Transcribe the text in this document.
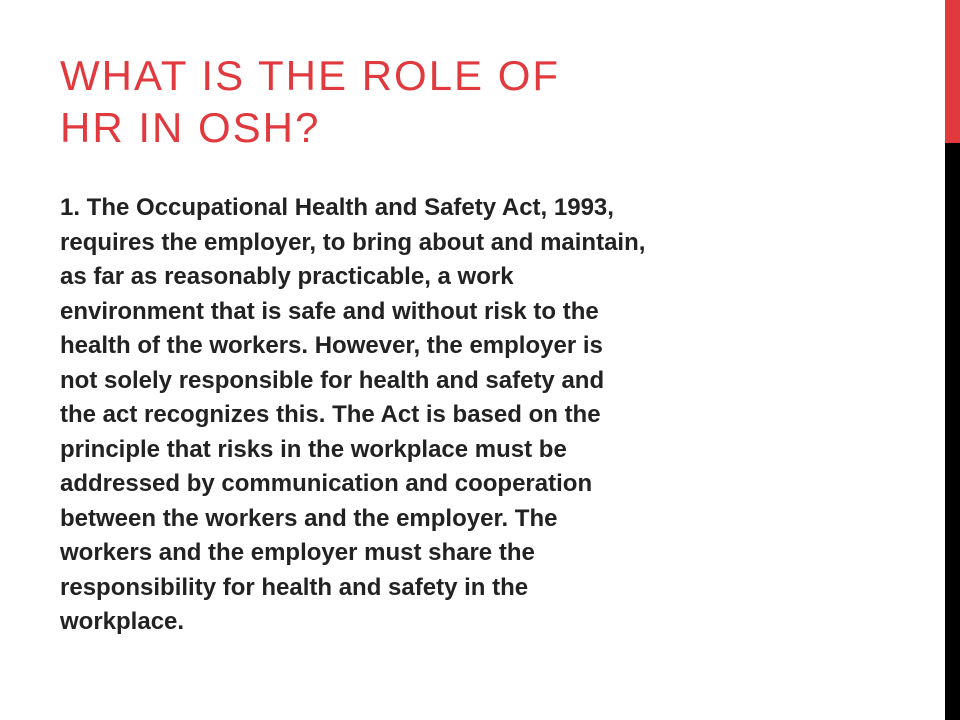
WHAT IS THE ROLE OF
HR IN OSH?
1. The Occupational Health and Safety Act, 1993,
requires the employer, to bring about and maintain,
as far as reasonably practicable, a work
environment that is safe and without risk to the
health of the workers. However, the employer is
not solely responsible for health and safety and
the act recognizes this. The Act is based on the
principle that risks in the workplace must be
addressed by communication and cooperation
between the workers and the employer. The
workers and the employer must share the
responsibility for health and safety in the
workplace.
